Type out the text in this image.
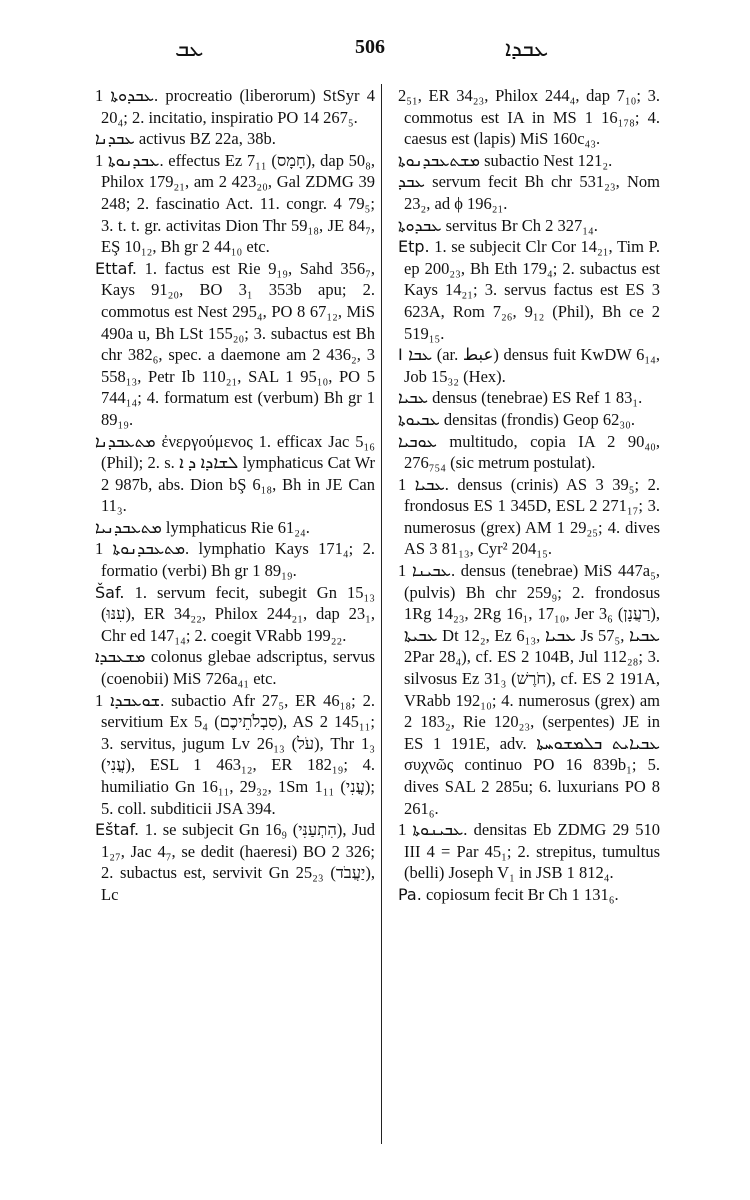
ܥܒ	506	ܥܒܕܐ

ܥܒܕܘܬܐ 1. procreatio (liberorum) StSyr 4 20₄; 2. incitatio, inspiratio PO 14 267₅.

ܥܒܕܢܐ activus BZ 22a, 38b.

ܥܒܕܢܘܬܐ 1. effectus Ez 7₁₁ (חָמָס), dap 50₈, Philox 179₂₁, am 2 423₂₀, Gal ZDMG 39 248; 2. fascinatio Act. 11. congr. 4 79₅; 3. t. t. gr. activitas Dion Thr 59₁₈, JE 84₇, EŞ 10₁₂, Bh gr 2 44₁₀ etc.

Ettaf. 1. factus est Rie 9₁₉, Sahd 356₇, Kays 91₂₀, BO 3₁ 353b apu; 2. commotus est Nest 295₄, PO 8 67₁₂, MiS 490a u, Bh LSt 155₂₀; 3. subactus est Bh chr 382₆, spec. a daemone am 2 436₂, 3 558₁₃, Petr Ib 110₂₁, SAL 1 95₁₀, PO 5 744₁₄; 4. formatum est (verbum) Bh gr 1 89₁₉.

ܡܬܥܒܕܢܐ ἐνεργούμενος 1. efficax Jac 5₁₆ (Phil); 2. s. ܠܫܐܕܐ ܕ ܐ lymphaticus Cat Wr 2 987b, abs. Dion bŞ 6₁₈, Bh in JE Can 11₃.

ܡܬܥܒܕܢܝܐ lymphaticus Rie 61₂₄.

ܡܬܥܒܕܢܘܬܐ 1. lymphatio Kays 171₄; 2. formatio (verbi) Bh gr 1 89₁₉.

Šaf. 1. servum fecit, subegit Gn 15₁₃ (עִנּוּ), ER 34₂₂, Philox 244₂₁, dap 23₁, Chr ed 147₁₄; 2. coegit VRabb 199₂₂.

ܡܫܥܒܕܐ colonus glebae adscriptus, servus (coenobii) MiS 726a₄₁ etc.

ܫܘܥܒܕܐ 1. subactio Afr 27₅, ER 46₁₈; 2. servitium Ex 5₄ (סִבְלֹתֵיכֶם), AS 2 145₁₁; 3. servitus, jugum Lv 26₁₃ (עֹל), Thr 1₃ (עֳנִי), ESL 1 463₁₂, ER 182₁₉; 4. humiliatio Gn 16₁₁, 29₃₂, 1Sm 1₁₁ (עֳנִי); 5. coll. subditicii JSA 394.

Eštaf. 1. se subjecit Gn 16₉ (הִתְעַנִּי), Jud 1₂₇, Jac 4₇, se dedit (haeresi) BO 2 326; 2. subactus est, servivit Gn 25₂₃ (יַעֲבֹד), Lc

2₅₁, ER 34₂₃, Philox 244₄, dap 7₁₀; 3. commotus est IA in MS 1 16₁₇₈; 4. caesus est (lapis) MiS 160c₄₃.

ܡܫܬܥܒܕܢܘܬܐ subactio Nest 121₂.

ܥܒܕ servum fecit Bh chr 531₂₃, Nom 23₂, ad ϕ 196₂₁.

ܥܒܕܘܬܐ servitus Br Ch 2 327₁₄.

Etp. 1. se subjecit Clr Cor 14₂₁, Tim P. ep 200₂₃, Bh Eth 179₄; 2. subactus est Kays 14₂₁; 3. servus factus est ES 3 623A, Rom 7₂₆, 9₁₂ (Phil), Bh ce 2 519₁₅.

I ܥܒܐ (ar. عبط) densus fuit KwDW 6₁₄, Job 15₃₂ (Hex).

ܥܒܝܐ densus (tenebrae) ES Ref 1 83₁.

ܥܒܝܘܬܐ densitas (frondis) Geop 62₃₀.

ܥܘܒܝܐ multitudo, copia IA 2 90₄₀, 276₇₅₄ (sic metrum postulat).

ܥܒܝܐ 1. densus (crinis) AS 3 39₅; 2. frondosus ES 1 345D, ESL 2 271₁₇; 3. numerosus (grex) AM 1 29₂₅; 4. dives AS 3 81₁₃, Cyr² 204₁₅.

ܥܒܝܢܐ 1. densus (tenebrae) MiS 447a₅, (pulvis) Bh chr 259₉; 2. frondosus 1Rg 14₂₃, 2Rg 16₁, 17₁₀, Jer 3₆ (רַעֲנָן), ܥܒܝܬܐ Dt 12₂, Ez 6₁₃, ܥܒܝܐ Js 57₅, ܥܒܝܐ 2Par 28₄), cf. ES 2 104B, Jul 112₂₈; 3. silvosus Ez 31₃ (חֹרֶשׁ), cf. ES 2 191A, VRabb 192₁₀; 4. numerosus (grex) am 2 183₂, Rie 120₂₃, (serpentes) JE in ES 1 191E, adv. ܥܒܝܐܝܬ ܒܠܡܫܘܚܬܐ συχνῶς continuo PO 16 839b₁; 5. dives SAL 2 285u; 6. luxurians PO 8 261₆.

ܥܒܝܢܘܬܐ 1. densitas Eb ZDMG 29 510 III 4 = Par 45₁; 2. strepitus, tumultus (belli) Joseph V₁ in JSB 1 812₄.

Pa. copiosum fecit Br Ch 1 131₆.
